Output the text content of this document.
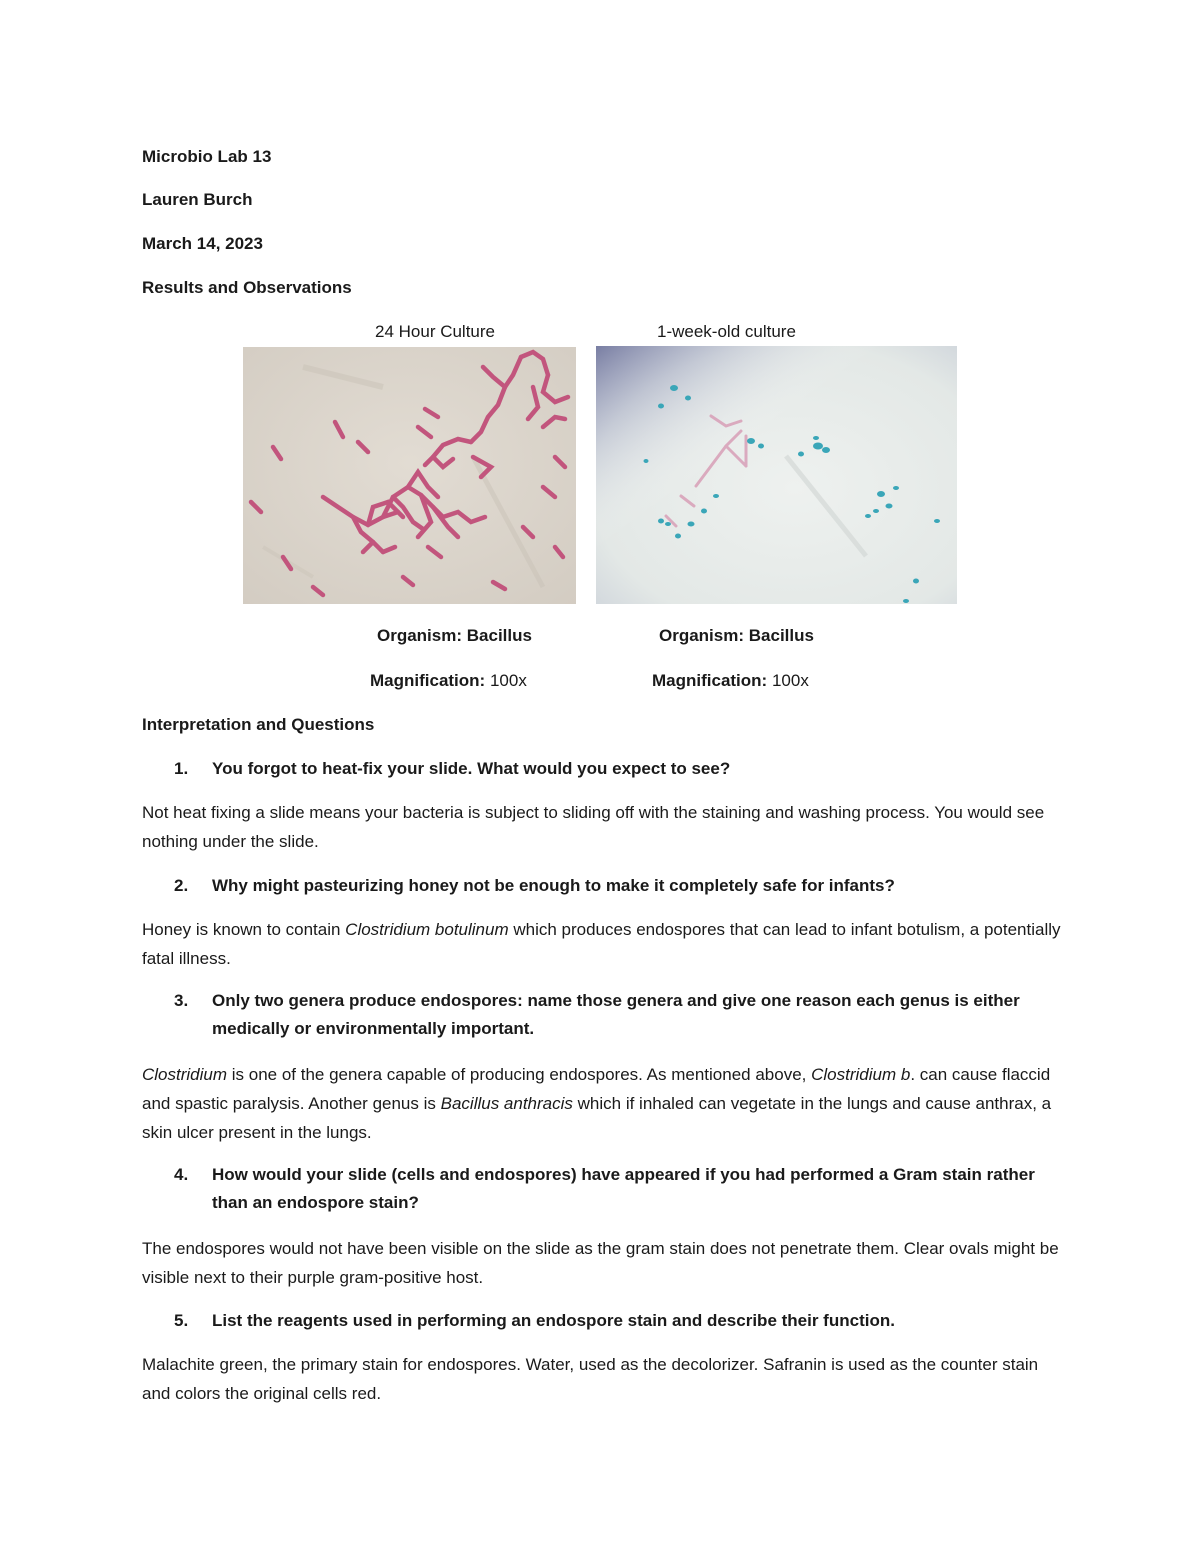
Microbio Lab 13
Lauren Burch
March 14, 2023
Results and Observations
24 Hour Culture	1-week-old culture
Organism: Bacillus	Organism: Bacillus
Magnification: 100x	Magnification: 100x
Interpretation and Questions
1. You forgot to heat-fix your slide. What would you expect to see?
Not heat fixing a slide means your bacteria is subject to sliding off with the staining and washing process. You would see nothing under the slide.
2. Why might pasteurizing honey not be enough to make it completely safe for infants?
Honey is known to contain Clostridium botulinum which produces endospores that can lead to infant botulism, a potentially fatal illness.
3. Only two genera produce endospores: name those genera and give one reason each genus is either medically or environmentally important.
Clostridium is one of the genera capable of producing endospores. As mentioned above, Clostridium b. can cause flaccid and spastic paralysis. Another genus is Bacillus anthracis which if inhaled can vegetate in the lungs and cause anthrax, a skin ulcer present in the lungs.
4. How would your slide (cells and endospores) have appeared if you had performed a Gram stain rather than an endospore stain?
The endospores would not have been visible on the slide as the gram stain does not penetrate them. Clear ovals might be visible next to their purple gram-positive host.
5. List the reagents used in performing an endospore stain and describe their function.
Malachite green, the primary stain for endospores. Water, used as the decolorizer. Safranin is used as the counter stain and colors the original cells red.
